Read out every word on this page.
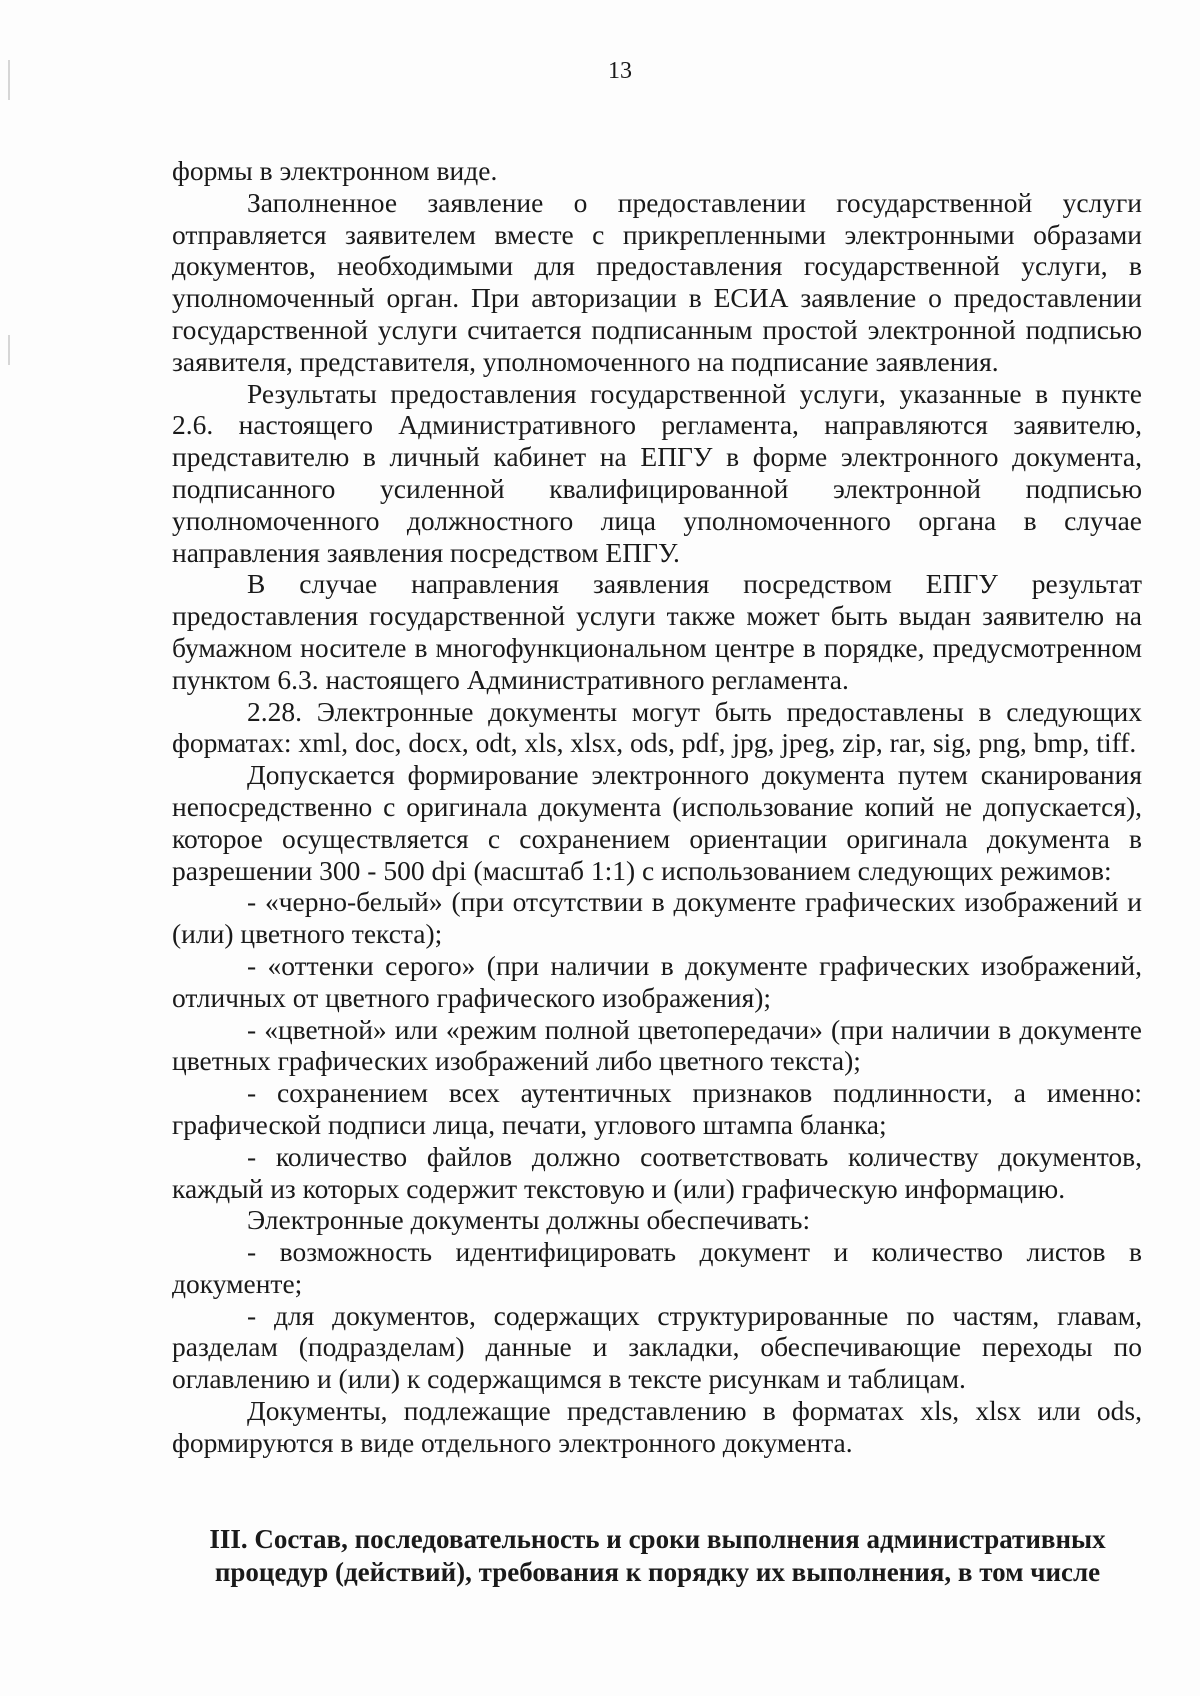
13

формы в электронном виде.

Заполненное заявление о предоставлении государственной услуги отправляется заявителем вместе с прикрепленными электронными образами документов, необходимыми для предоставления государственной услуги, в уполномоченный орган. При авторизации в ЕСИА заявление о предоставлении государственной услуги считается подписанным простой электронной подписью заявителя, представителя, уполномоченного на подписание заявления.

Результаты предоставления государственной услуги, указанные в пункте 2.6. настоящего Административного регламента, направляются заявителю, представителю в личный кабинет на ЕПГУ в форме электронного документа, подписанного усиленной квалифицированной электронной подписью уполномоченного должностного лица уполномоченного органа в случае направления заявления посредством ЕПГУ.

В случае направления заявления посредством ЕПГУ результат предоставления государственной услуги также может быть выдан заявителю на бумажном носителе в многофункциональном центре в порядке, предусмотренном пунктом 6.3. настоящего Административного регламента.

2.28. Электронные документы могут быть предоставлены в следующих форматах: xml, doc, docx, odt, xls, xlsx, ods, pdf, jpg, jpeg, zip, rar, sig, png, bmp, tiff.

Допускается формирование электронного документа путем сканирования непосредственно с оригинала документа (использование копий не допускается), которое осуществляется с сохранением ориентации оригинала документа в разрешении 300 - 500 dpi (масштаб 1:1) с использованием следующих режимов:

- «черно-белый» (при отсутствии в документе графических изображений и (или) цветного текста);

- «оттенки серого» (при наличии в документе графических изображений, отличных от цветного графического изображения);

- «цветной» или «режим полной цветопередачи» (при наличии в документе цветных графических изображений либо цветного текста);

- сохранением всех аутентичных признаков подлинности, а именно: графической подписи лица, печати, углового штампа бланка;

- количество файлов должно соответствовать количеству документов, каждый из которых содержит текстовую и (или) графическую информацию.

Электронные документы должны обеспечивать:

- возможность идентифицировать документ и количество листов в документе;

- для документов, содержащих структурированные по частям, главам, разделам (подразделам) данные и закладки, обеспечивающие переходы по оглавлению и (или) к содержащимся в тексте рисункам и таблицам.

Документы, подлежащие представлению в форматах xls, xlsx или ods, формируются в виде отдельного электронного документа.

III. Состав, последовательность и сроки выполнения административных процедур (действий), требования к порядку их выполнения, в том числе
